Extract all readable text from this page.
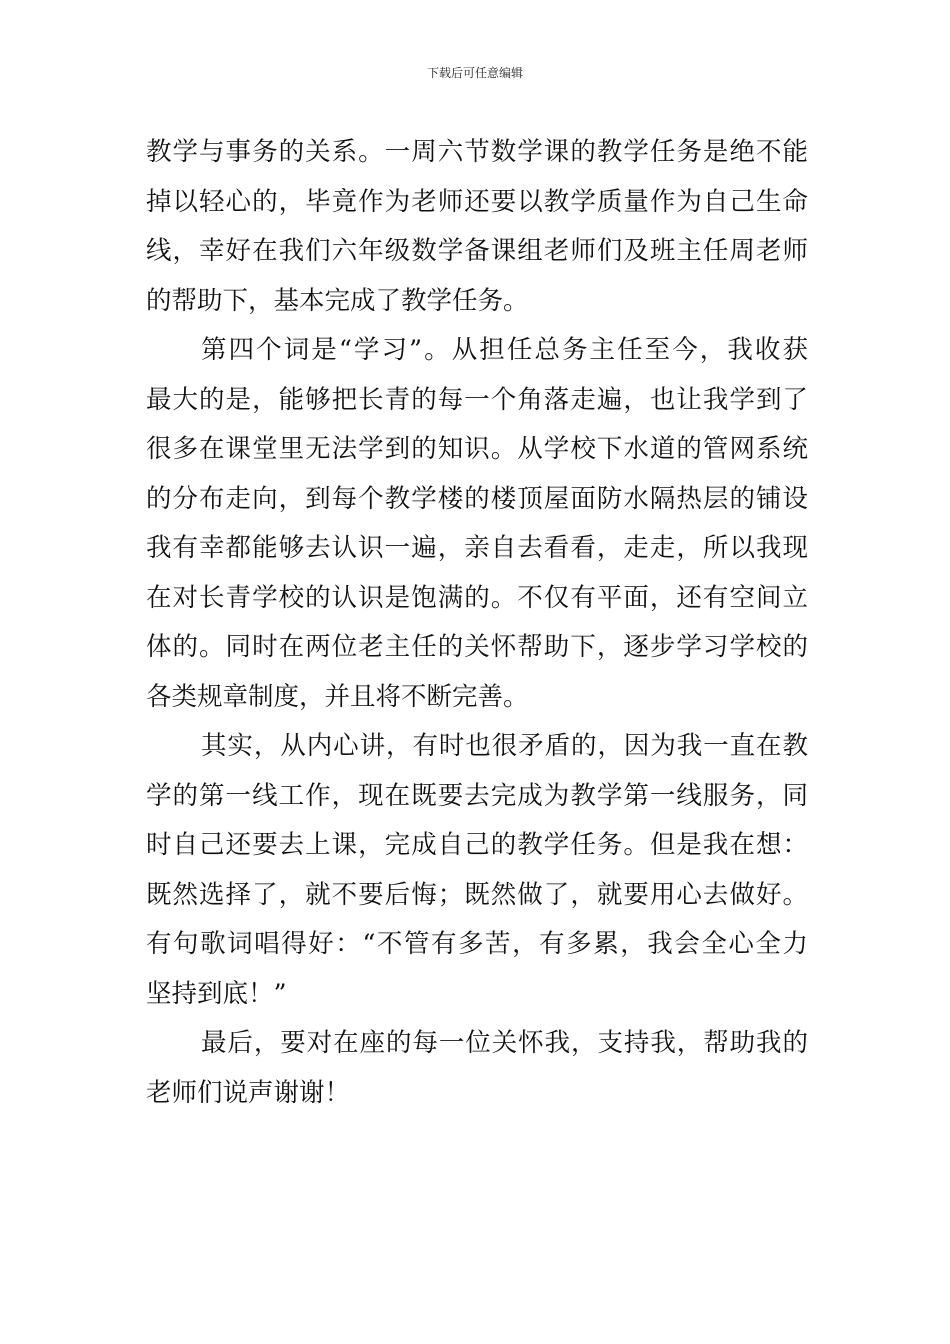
下载后可任意编辑
教学与事务的关系。一周六节数学课的教学任务是绝不能
掉以轻心的，毕竟作为老师还要以教学质量作为自己生命
线，幸好在我们六年级数学备课组老师们及班主任周老师
的帮助下，基本完成了教学任务。
第四个词是“学习”。从担任总务主任至今，我收获
最大的是，能够把长青的每一个角落走遍，也让我学到了
很多在课堂里无法学到的知识。从学校下水道的管网系统
的分布走向，到每个教学楼的楼顶屋面防水隔热层的铺设
我有幸都能够去认识一遍，亲自去看看，走走，所以我现
在对长青学校的认识是饱满的。不仅有平面，还有空间立
体的。同时在两位老主任的关怀帮助下，逐步学习学校的
各类规章制度，并且将不断完善。
其实，从内心讲，有时也很矛盾的，因为我一直在教
学的第一线工作，现在既要去完成为教学第一线服务，同
时自己还要去上课，完成自己的教学任务。但是我在想：
既然选择了，就不要后悔；既然做了，就要用心去做好。
有句歌词唱得好：“不管有多苦，有多累，我会全心全力
坚持到底！”
最后，要对在座的每一位关怀我，支持我，帮助我的
老师们说声谢谢！
